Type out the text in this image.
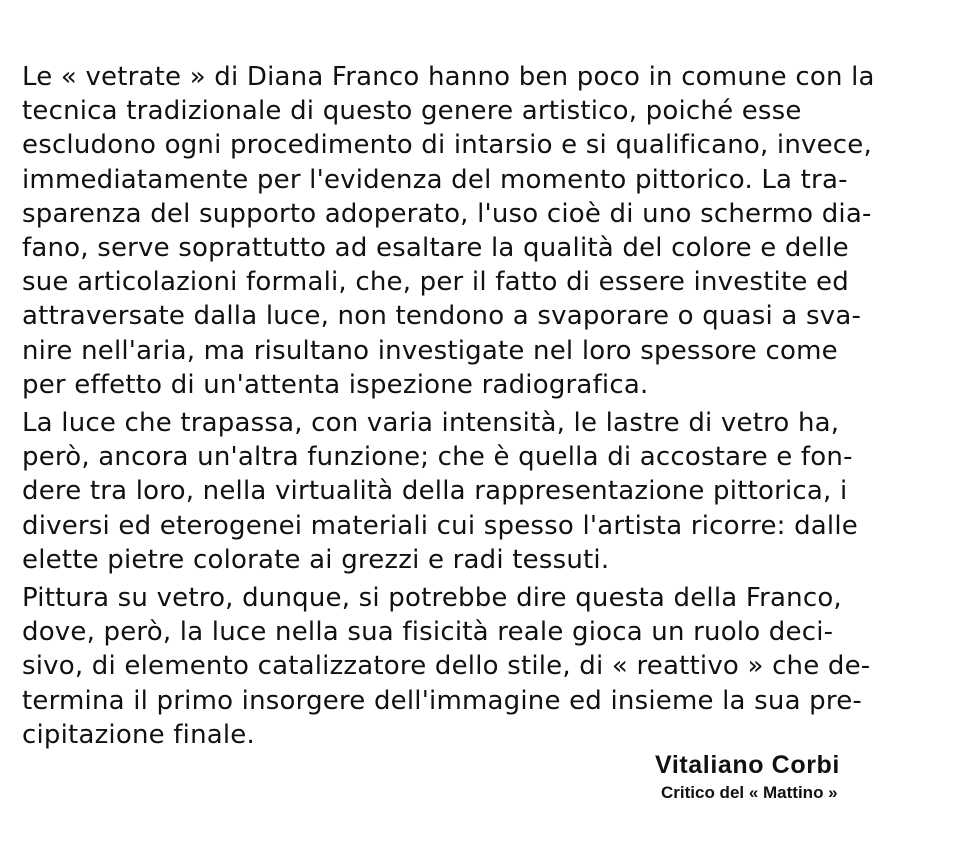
Le « vetrate » di Diana Franco hanno ben poco in comune con la
tecnica tradizionale di questo genere artistico, poiché esse
escludono ogni procedimento di intarsio e si qualificano, invece,
immediatamente per l'evidenza del momento pittorico. La tra-
sparenza del supporto adoperato, l'uso cioè di uno schermo dia-
fano, serve soprattutto ad esaltare la qualità del colore e delle
sue articolazioni formali, che, per il fatto di essere investite ed
attraversate dalla luce, non tendono a svaporare o quasi a sva-
nire nell'aria, ma risultano investigate nel loro spessore come
per effetto di un'attenta ispezione radiografica.
La luce che trapassa, con varia intensità, le lastre di vetro ha,
però, ancora un'altra funzione; che è quella di accostare e fon-
dere tra loro, nella virtualità della rappresentazione pittorica, i
diversi ed eterogenei materiali cui spesso l'artista ricorre: dalle
elette pietre colorate ai grezzi e radi tessuti.
Pittura su vetro, dunque, si potrebbe dire questa della Franco,
dove, però, la luce nella sua fisicità reale gioca un ruolo deci-
sivo, di elemento catalizzatore dello stile, di « reattivo » che de-
termina il primo insorgere dell'immagine ed insieme la sua pre-
cipitazione finale.
Vitaliano Corbi
Critico del « Mattino »
